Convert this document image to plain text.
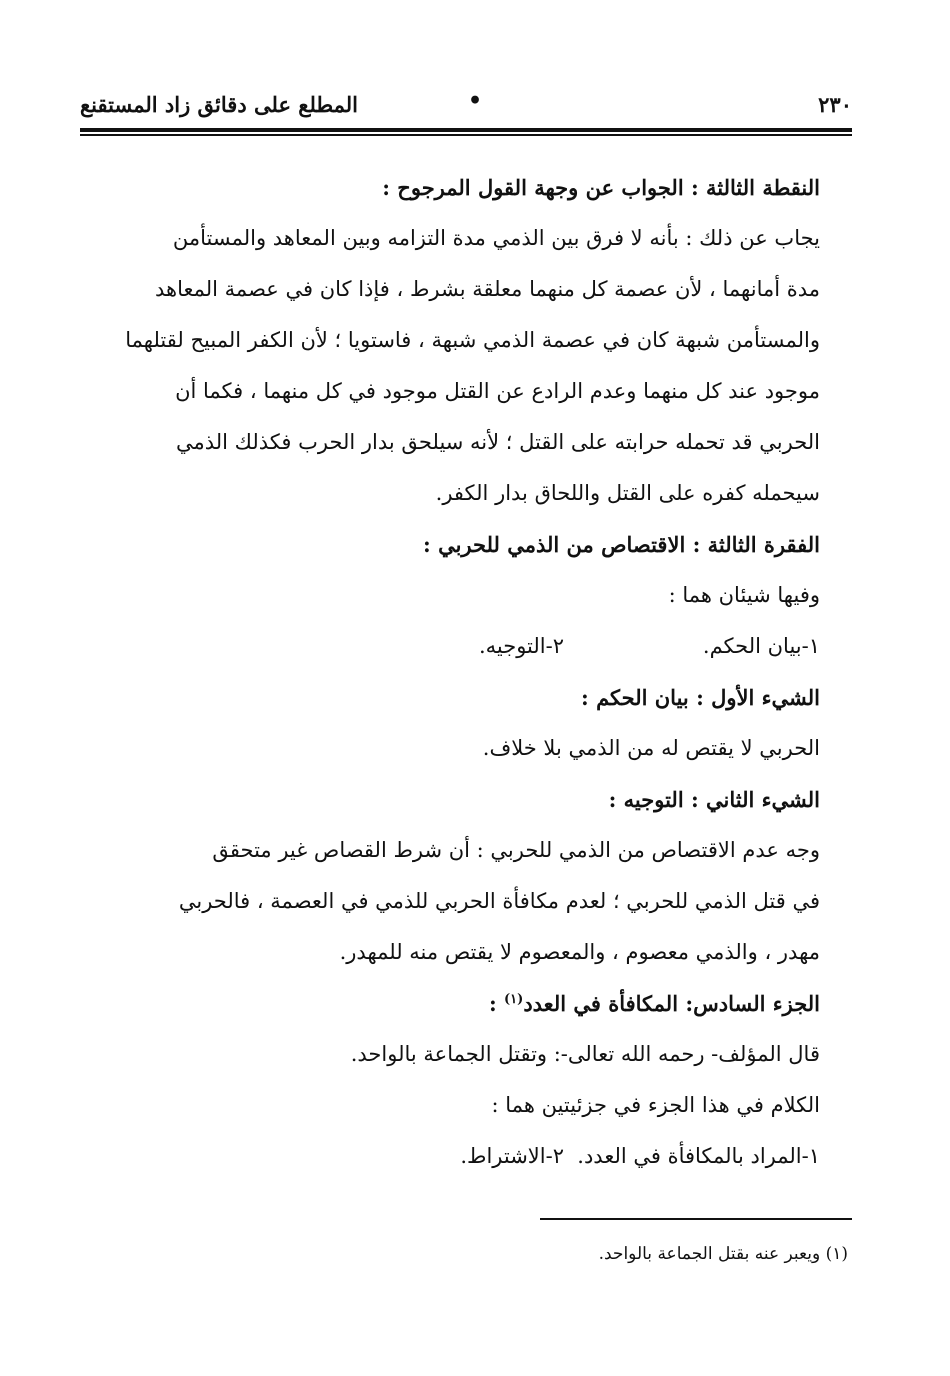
٢٣٠
•
المطلع على دقائق زاد المستقنع

النقطة الثالثة : الجواب عن وجهة القول المرجوح :

يجاب عن ذلك : بأنه لا فرق بين الذمي مدة التزامه وبين المعاهد والمستأمن
مدة أمانهما ، لأن عصمة كل منهما معلقة بشرط ، فإذا كان في عصمة المعاهد
والمستأمن شبهة كان في عصمة الذمي شبهة ، فاستويا ؛ لأن الكفر المبيح لقتلهما
موجود عند كل منهما وعدم الرادع عن القتل موجود في كل منهما ، فكما أن
الحربي قد تحمله حرابته على القتل ؛ لأنه سيلحق بدار الحرب فكذلك الذمي
سيحمله كفره على القتل واللحاق بدار الكفر.

الفقرة الثالثة : الاقتصاص من الذمي للحربي :

وفيها شيئان هما :

١-بيان الحكم.
٢-التوجيه.

الشيء الأول : بيان الحكم :

الحربي لا يقتص له من الذمي بلا خلاف.

الشيء الثاني : التوجيه :

وجه عدم الاقتصاص من الذمي للحربي : أن شرط القصاص غير متحقق
في قتل الذمي للحربي ؛ لعدم مكافأة الحربي للذمي في العصمة ، فالحربي
مهدر ، والذمي معصوم ، والمعصوم لا يقتص منه للمهدر.

الجزء السادس: المكافأة في العدد$^{(١)}$ :

قال المؤلف- رحمه الله تعالى-: وتقتل الجماعة بالواحد.

الكلام في هذا الجزء في جزئيتين هما :

١-المراد بالمكافأة في العدد.
٢-الاشتراط.
(١) ويعبر عنه بقتل الجماعة بالواحد.
